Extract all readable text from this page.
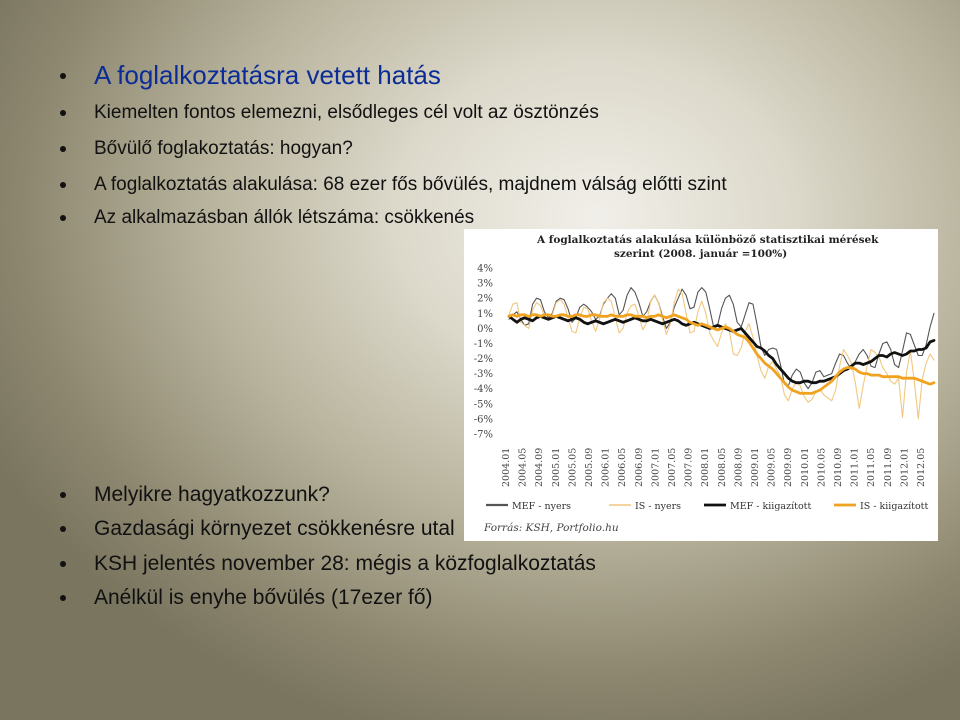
A foglalkoztatásra vetett hatás
Kiemelten fontos elemezni, elsődleges cél volt az ösztönzés
Bővülő foglakoztatás: hogyan?
A foglalkoztatás alakulása: 68 ezer fős bővülés, majdnem válság előtti szint
Az alkalmazásban állók létszáma: csökkenés
Melyikre hagyatkozzunk?
Gazdasági környezet csökkenésre utal
KSH jelentés november 28: mégis a közfoglalkoztatás
Anélkül is enyhe bővülés (17ezer fő)
A foglalkoztatás alakulása különböző statisztikai mérések
szerint (2008. január =100%)
4%
3%
2%
1%
0%
-1%
-2%
-3%
-4%
-5%
-6%
-7%
2004.01 2004.05 2004.09 2005.01 2005.05 2005.09 2006.01 2006.05 2006.09 2007.01 2007.05 2007.09 2008.01 2008.05 2008.09 2009.01 2009.05 2009.09 2010.01 2010.05 2010.09 2011.01 2011.05 2011.09 2012.01 2012.05
MEF - nyers	IS - nyers	MEF - kiigazított	IS - kiigazított
Forrás: KSH, Portfolio.hu
